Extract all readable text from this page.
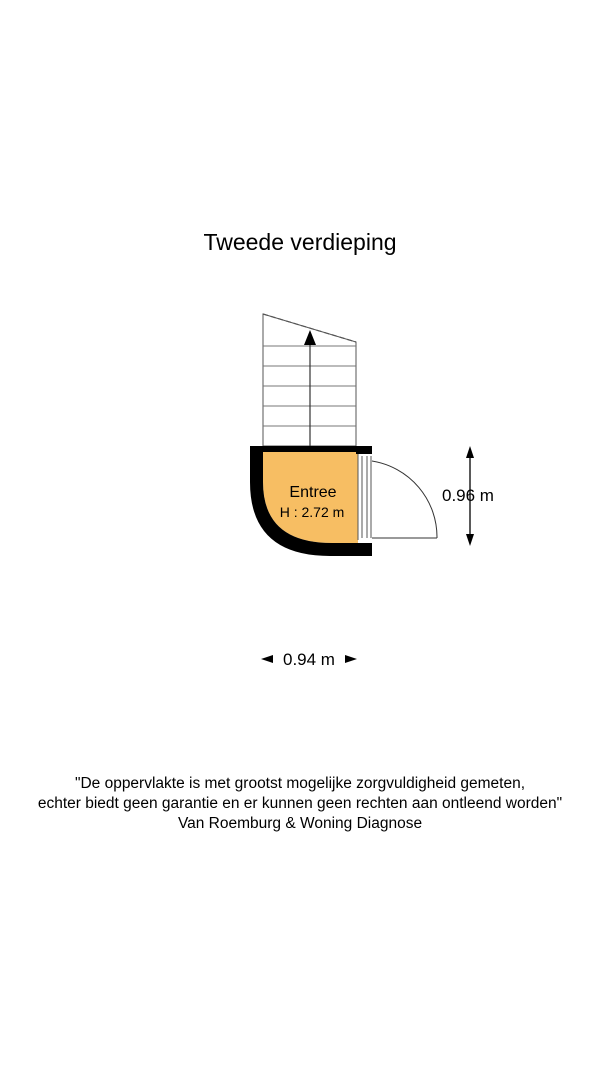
Tweede verdieping
Entree
H : 2.72 m
0.96 m
0.94 m
"De oppervlakte is met grootst mogelijke zorgvuldigheid gemeten,
echter biedt geen garantie en er kunnen geen rechten aan ontleend worden"
Van Roemburg & Woning Diagnose
